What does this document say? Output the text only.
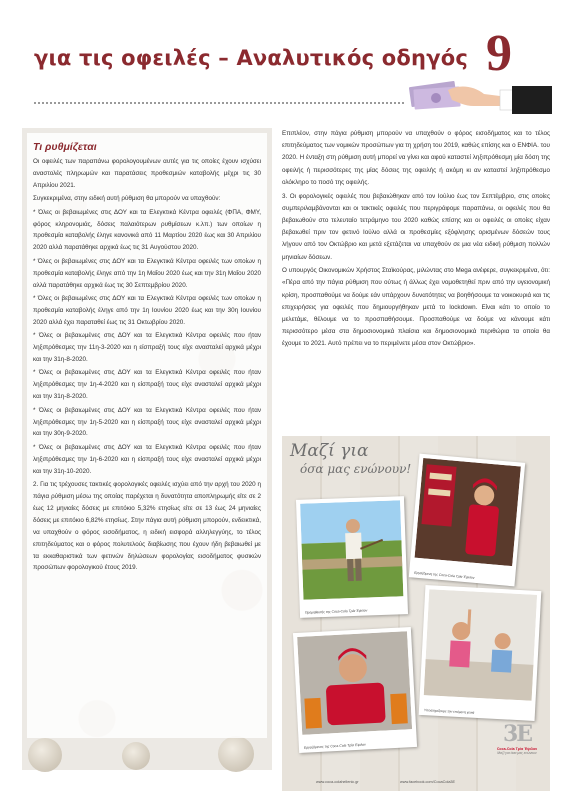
για τις οφειλές – Αναλυτικός οδηγός 9
Τι ρυθμίζεται

Οι οφειλές των παραπάνω φορολογουμένων αυτές για τις οποίες έχουν ισχύσει αναστολές πληρωμών και παρατάσεις προθεσμιών καταβολής μέχρι τις 30 Απριλίου 2021.

Συγκεκριμένα, στην ειδική αυτή ρύθμιση θα μπορούν να υπαχθούν:

* Όλες οι βεβαιωμένες στις ΔΟΥ και τα Ελεγκτικά Κέντρα οφειλές (ΦΠΑ, ΦΜΥ, φόρος κληρονομιάς, δόσεις παλαιότερων ρυθμίσεων κ.λπ.) των οποίων η προθεσμία καταβολής έληγε κανονικά από 11 Μαρτίου 2020 έως και 30 Απριλίου 2020 αλλά παρατάθηκε αρχικά έως τις 31 Αυγούστου 2020.

* Όλες οι βεβαιωμένες στις ΔΟΥ και τα Ελεγκτικά Κέντρα οφειλές των οποίων η προθεσμία καταβολής έληγε από την 1η Μαΐου 2020 έως και την 31η Μαΐου 2020 αλλά παρατάθηκε αρχικά έως τις 30 Σεπτεμβρίου 2020.

* Όλες οι βεβαιωμένες στις ΔΟΥ και τα Ελεγκτικά Κέντρα οφειλές των οποίων η προθεσμία καταβολής έληγε από την 1η Ιουνίου 2020 έως και την 30η Ιουνίου 2020 αλλά έχει παραταθεί έως τις 31 Οκτωβρίου 2020.

* Όλες οι βεβαιωμένες στις ΔΟΥ και τα Ελεγκτικά Κέντρα οφειλές που ήταν ληξιπρόθεσμες την 11η-3-2020 και η είσπραξή τους είχε ανασταλεί αρχικά μέχρι και την 31η-8-2020.

* Όλες οι βεβαιωμένες στις ΔΟΥ και τα Ελεγκτικά Κέντρα οφειλές που ήταν ληξιπρόθεσμες την 1η-4-2020 και η είσπραξή τους είχε ανασταλεί αρχικά μέχρι και την 31η-8-2020.

* Όλες οι βεβαιωμένες στις ΔΟΥ και τα Ελεγκτικά Κέντρα οφειλές που ήταν ληξιπρόθεσμες την 1η-5-2020 και η είσπραξή τους είχε ανασταλεί αρχικά μέχρι και την 30η-9-2020.

* Όλες οι βεβαιωμένες στις ΔΟΥ και τα Ελεγκτικά Κέντρα οφειλές που ήταν ληξιπρόθεσμες την 1η-6-2020 και η είσπραξή τους είχε ανασταλεί αρχικά μέχρι και την 31η-10-2020.

2. Για τις τρέχουσες τακτικές φορολογικές οφειλές ισχύει από την αρχή του 2020 η πάγια ρύθμιση μέσω της οποίας παρέχεται η δυνατότητα αποπληρωμής είτε σε 2 έως 12 μηνιαίες δόσεις με επιτόκιο 5,32% ετησίως είτε σε 13 έως 24 μηνιαίες δόσεις με επιτόκιο 6,82% ετησίως. Στην πάγια αυτή ρύθμιση μπορούν, ενδεικτικά, να υπαχθούν ο φόρος εισοδήματος, η ειδική εισφορά αλληλεγγύης, το τέλος επιτηδεύματος και ο φόρος πολυτελούς διαβίωσης που έχουν ήδη βεβαιωθεί με τα εκκαθαριστικά των φετινών δηλώσεων φορολογίας εισοδήματος φυσικών προσώπων φορολογικού έτους 2019.

Επιπλέον, στην πάγια ρύθμιση μπορούν να υπαχθούν ο φόρος εισοδήματος και το τέλος επιτηδεύματος των νομικών προσώπων για τη χρήση του 2019, καθώς επίσης και ο ΕΝΦΙΑ. του 2020. Η ένταξη στη ρύθμιση αυτή μπορεί να γίνει και αφού καταστεί ληξιπρόθεσμη μία δόση της οφειλής ή περισσότερες της μίας δόσεις της οφειλής ή ακόμη κι αν καταστεί ληξιπρόθεσμο ολόκληρο το ποσό της οφειλής.

3. Οι φορολογικές οφειλές που βεβαιώθηκαν από τον Ιούλιο έως τον Σεπτέμβριο, στις οποίες συμπεριλαμβάνονται και οι τακτικές οφειλές που περιγράφομε παραπάνω, οι οφειλές που θα βεβαιωθούν στο τελευταίο τετράμηνο του 2020 καθώς επίσης και οι οφειλές οι οποίες είχαν βεβαιωθεί πριν τον φετινό Ιούλιο αλλά οι προθεσμίες εξόφλησης ορισμένων δόσεών τους λήγουν από τον Οκτώβριο και μετά εξετάζεται να υπαχθούν σε μια νέα ειδική ρύθμιση πολλών μηνιαίων δόσεων.

Ο υπουργός Οικονομικών Χρήστος Σταϊκούρας, μιλώντας στο Mega ανέφερε, συγκεκριμένα, ότι: «Πέρα από την πάγια ρύθμιση που ούτως ή άλλως έχει νομοθετηθεί πριν από την υγειονομική κρίση, προσπαθούμε να δούμε εάν υπάρχουν δυνατότητες να βοηθήσουμε τα νοικοκυριά και τις επιχειρήσεις για οφειλές που δημιουργήθηκαν μετά το lockdown. Είναι κάτι το οποίο το μελετάμε, θέλουμε να το προσπαθήσουμε. Προσπαθούμε να δούμε να κάνουμε κάτι περισσότερο μέσα στα δημοσιονομικά πλαίσια και δημοσιονομικά περιθώρια τα οποία θα έχουμε το 2021. Αυτό πρέπει να το περιμένετε μέσα στον Οκτώβριο».

Μαζί για
όσα μας ενώνουν!
Προμηθευτής της Coca-Cola Τρία Έψιλον
Εργαζόμενη της Coca-Cola Τρία Έψιλον
Εργαζόμενος της Coca-Cola Τρία Έψιλον
Υποστηρίζουμε την επόμενη γενιά
3E
Coca-Cola Τρία Έψιλον
Μαζί για όσα μας ενώνουν
www.coca-colahellenic.gr	www.facebook.com/CocaCola3E
